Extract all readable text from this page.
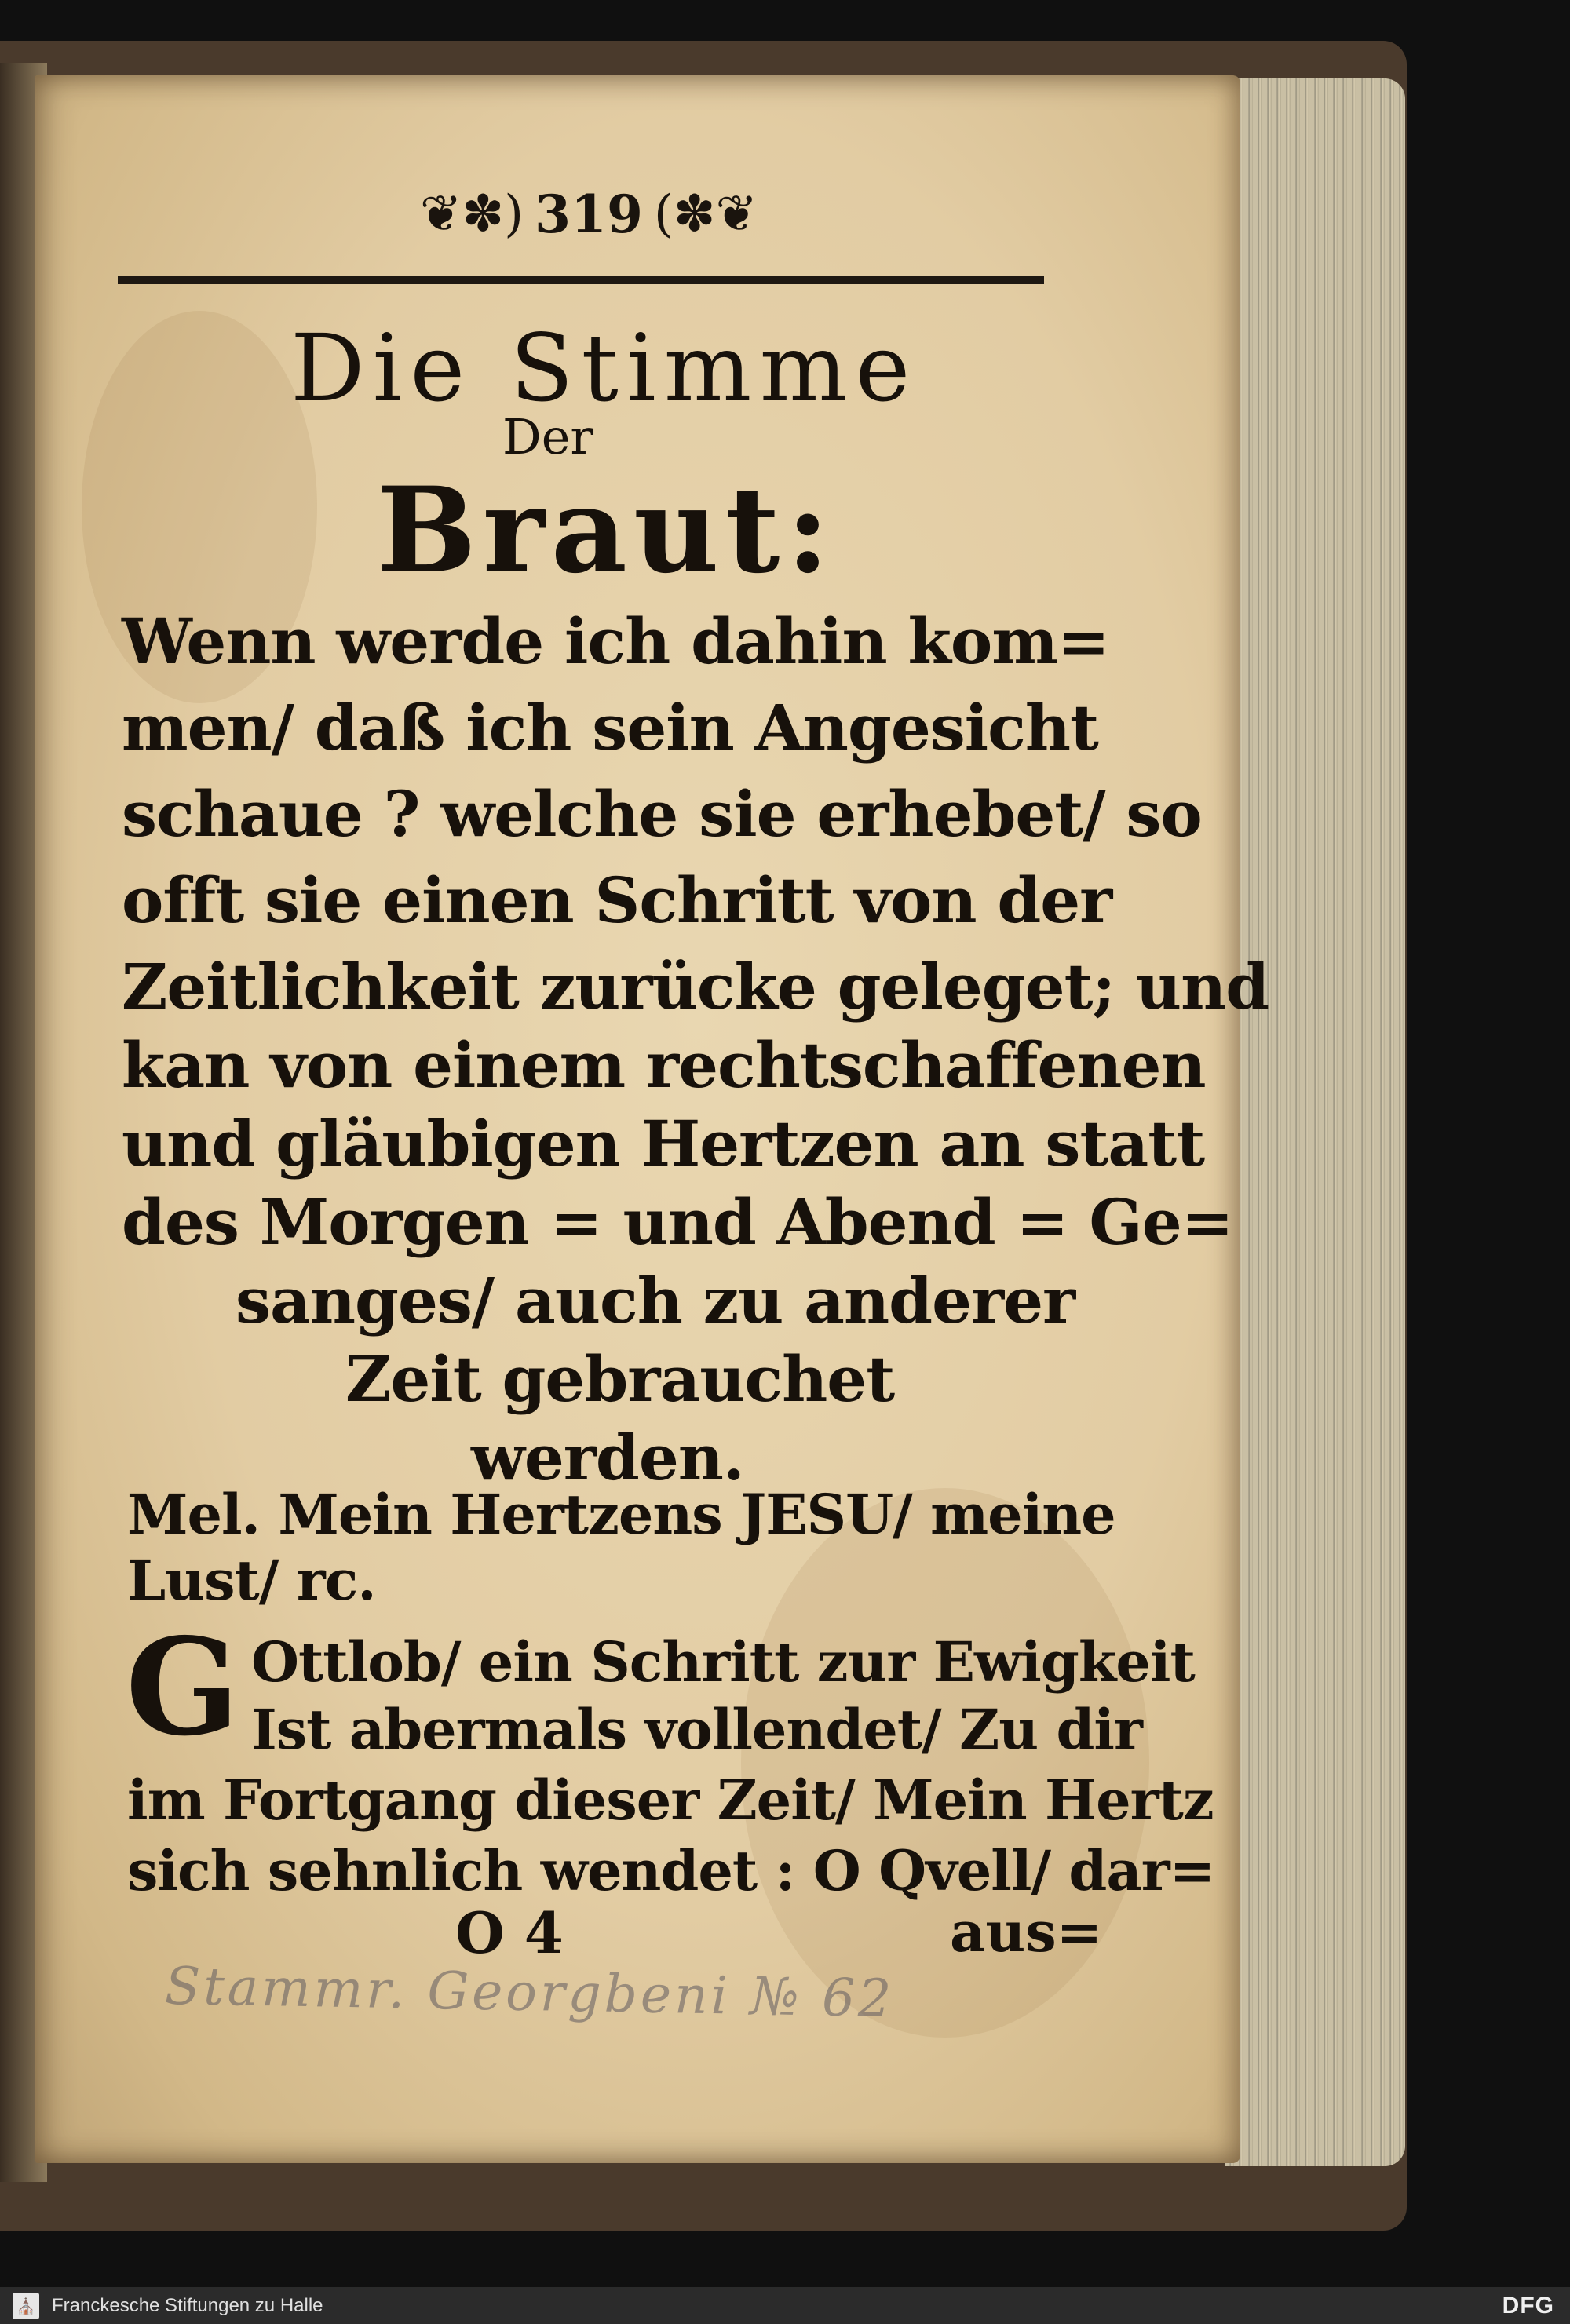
❦✽) 319 (✽❦
Die Stimme
Der
Braut:
Wenn werde ich dahin kom=
men/ daß ich sein Angesicht
schaue ? welche sie erhebet/ so
offt sie einen Schritt von der
Zeitlichkeit zurücke geleget; und
kan von einem rechtschaffenen
und gläubigen Hertzen an statt
des Morgen = und Abend = Ge=
sanges/ auch zu anderer
Zeit gebrauchet
werden.
Mel. Mein Hertzens JESU/ meine
Lust/ rc.
G Ottlob/ ein Schritt zur Ewigkeit
Ist abermals vollendet/ Zu dir
im Fortgang dieser Zeit/ Mein Hertz
sich sehnlich wendet : O Qvell/ dar=
O 4	aus=
Stammr. Georgbeni № 62
⛪ Franckesche Stiftungen zu Halle	DFG
